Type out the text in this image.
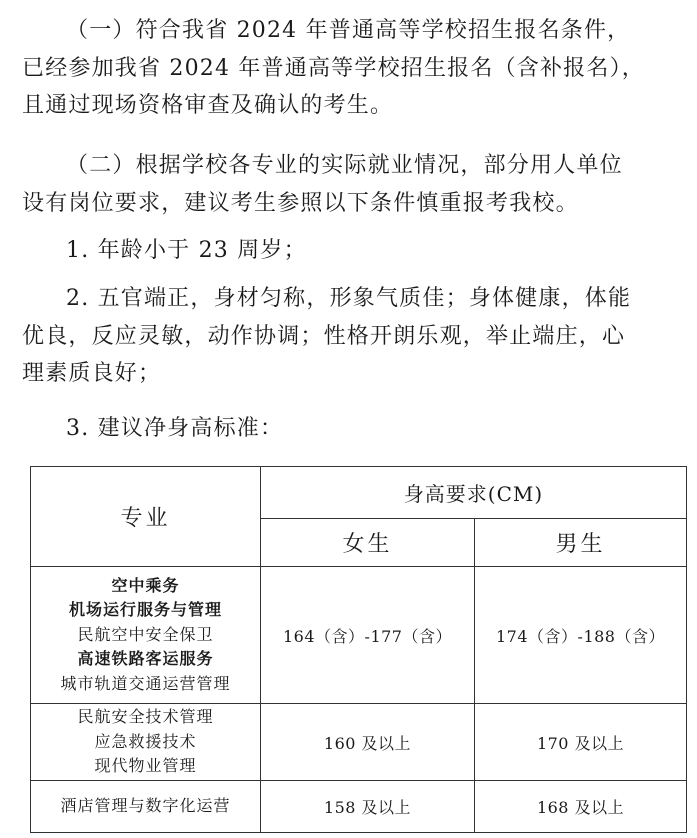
（一）符合我省 2024 年普通高等学校招生报名条件，
已经参加我省 2024 年普通高等学校招生报名（含补报名），
且通过现场资格审查及确认的考生。
（二）根据学校各专业的实际就业情况，部分用人单位
设有岗位要求，建议考生参照以下条件慎重报考我校。
1. 年龄小于 23 周岁；
2. 五官端正，身材匀称，形象气质佳；身体健康，体能
优良，反应灵敏，动作协调；性格开朗乐观，举止端庄，心
理素质良好；
3. 建议净身高标准：
专业	身高要求(CM)	
	女生	男生

空中乘务
机场运行服务与管理
民航空中安全保卫
高速铁路客运服务
城市轨道交通运营管理	164（含）-177（含）	174（含）-188（含）

民航安全技术管理
应急救援技术
现代物业管理	160 及以上	170 及以上

酒店管理与数字化运营	158 及以上	168 及以上
